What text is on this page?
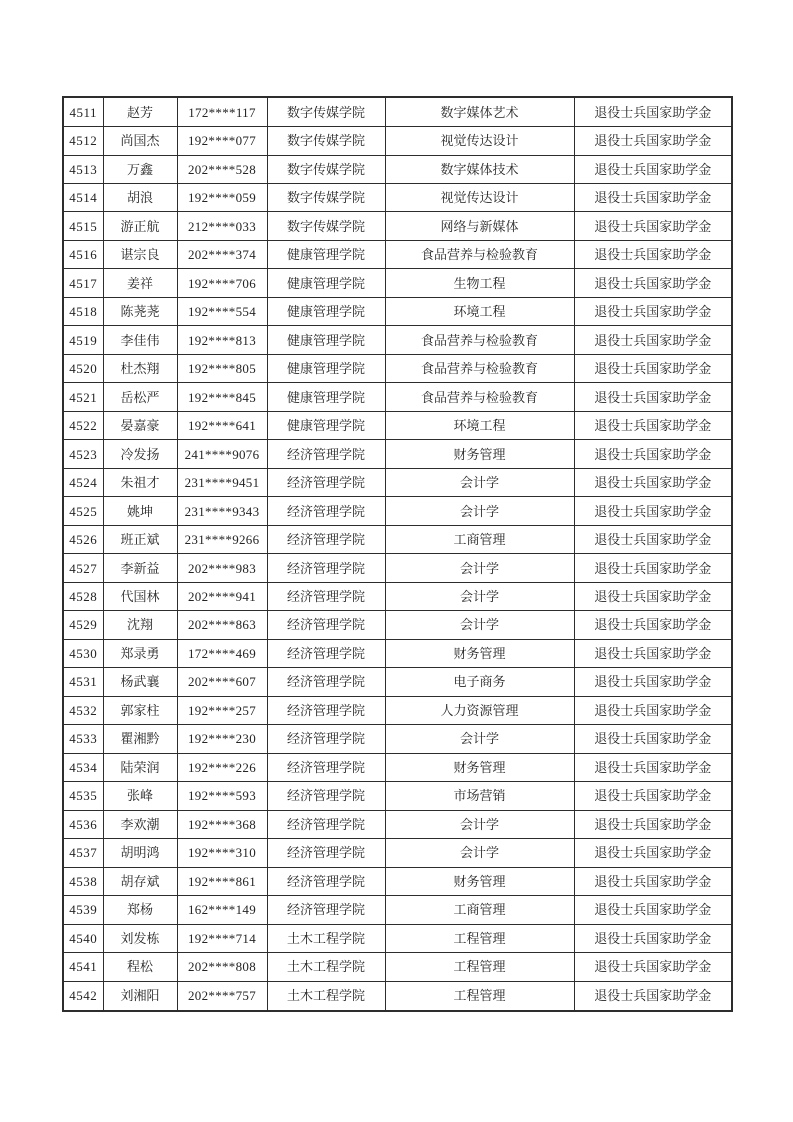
4511	赵芳	172****117	数字传媒学院	数字媒体艺术	退役士兵国家助学金
4512	尚国杰	192****077	数字传媒学院	视觉传达设计	退役士兵国家助学金
4513	万鑫	202****528	数字传媒学院	数字媒体技术	退役士兵国家助学金
4514	胡浪	192****059	数字传媒学院	视觉传达设计	退役士兵国家助学金
4515	游正航	212****033	数字传媒学院	网络与新媒体	退役士兵国家助学金
4516	谌宗良	202****374	健康管理学院	食品营养与检验教育	退役士兵国家助学金
4517	姜祥	192****706	健康管理学院	生物工程	退役士兵国家助学金
4518	陈荛荛	192****554	健康管理学院	环境工程	退役士兵国家助学金
4519	李佳伟	192****813	健康管理学院	食品营养与检验教育	退役士兵国家助学金
4520	杜杰翔	192****805	健康管理学院	食品营养与检验教育	退役士兵国家助学金
4521	岳松严	192****845	健康管理学院	食品营养与检验教育	退役士兵国家助学金
4522	晏嘉豪	192****641	健康管理学院	环境工程	退役士兵国家助学金
4523	冷发扬	241****9076	经济管理学院	财务管理	退役士兵国家助学金
4524	朱祖才	231****9451	经济管理学院	会计学	退役士兵国家助学金
4525	姚坤	231****9343	经济管理学院	会计学	退役士兵国家助学金
4526	班正斌	231****9266	经济管理学院	工商管理	退役士兵国家助学金
4527	李新益	202****983	经济管理学院	会计学	退役士兵国家助学金
4528	代国林	202****941	经济管理学院	会计学	退役士兵国家助学金
4529	沈翔	202****863	经济管理学院	会计学	退役士兵国家助学金
4530	郑录勇	172****469	经济管理学院	财务管理	退役士兵国家助学金
4531	杨武襄	202****607	经济管理学院	电子商务	退役士兵国家助学金
4532	郭家柱	192****257	经济管理学院	人力资源管理	退役士兵国家助学金
4533	瞿湘黔	192****230	经济管理学院	会计学	退役士兵国家助学金
4534	陆荣润	192****226	经济管理学院	财务管理	退役士兵国家助学金
4535	张峰	192****593	经济管理学院	市场营销	退役士兵国家助学金
4536	李欢潮	192****368	经济管理学院	会计学	退役士兵国家助学金
4537	胡明鸿	192****310	经济管理学院	会计学	退役士兵国家助学金
4538	胡存斌	192****861	经济管理学院	财务管理	退役士兵国家助学金
4539	郑杨	162****149	经济管理学院	工商管理	退役士兵国家助学金
4540	刘发栋	192****714	土木工程学院	工程管理	退役士兵国家助学金
4541	程松	202****808	土木工程学院	工程管理	退役士兵国家助学金
4542	刘湘阳	202****757	土木工程学院	工程管理	退役士兵国家助学金
